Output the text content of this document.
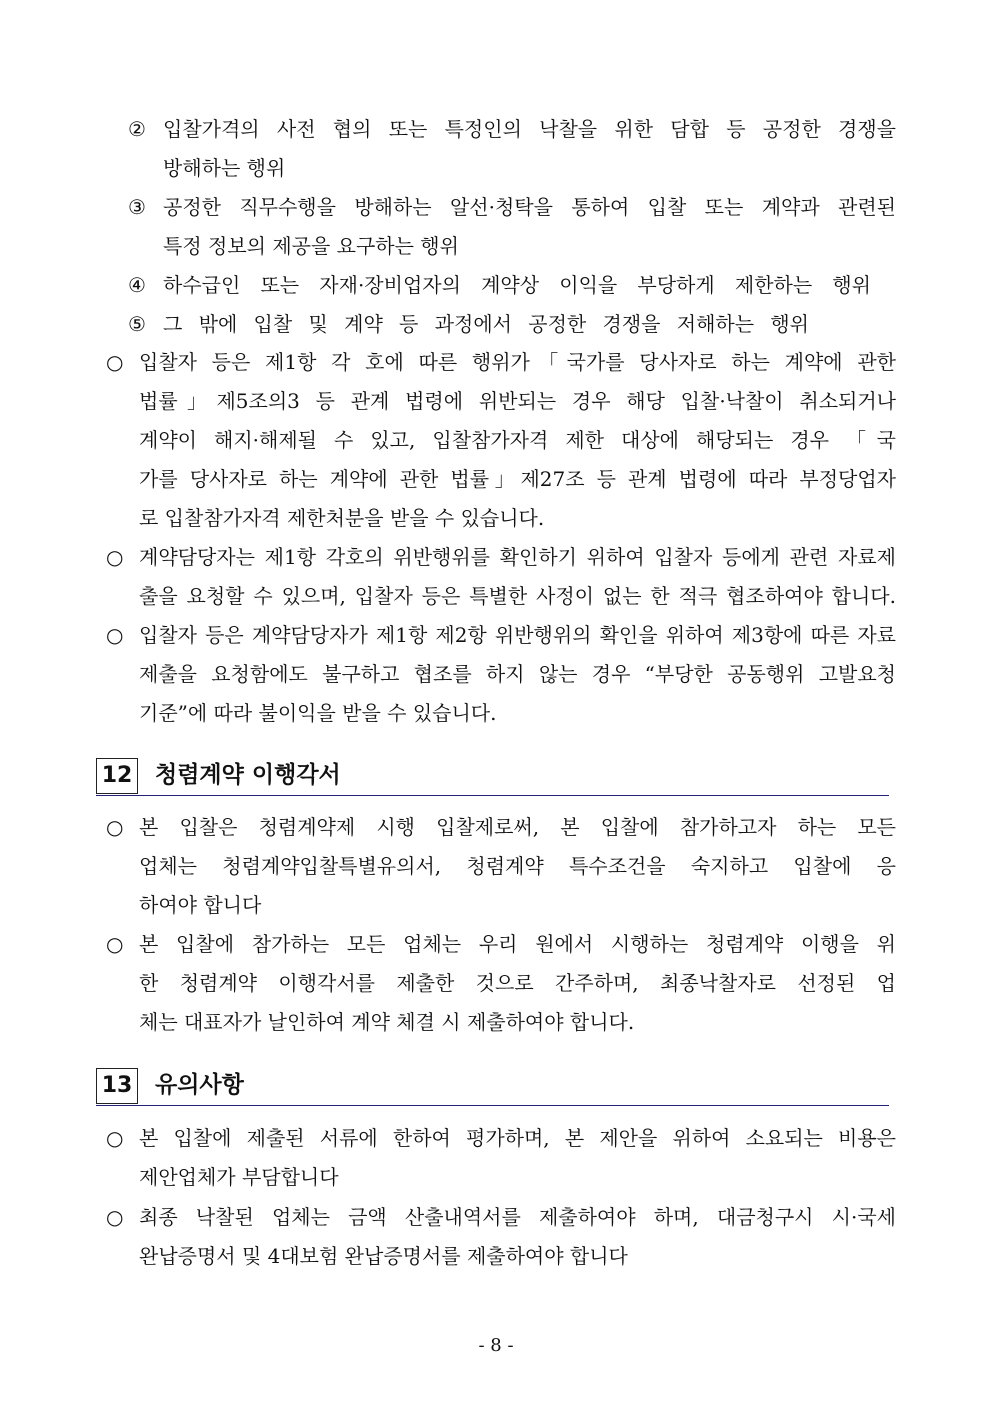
② 입찰가격의 사전 협의 또는 특정인의 낙찰을 위한 담합 등 공정한 경쟁을
방해하는 행위
③ 공정한 직무수행을 방해하는 알선·청탁을 통하여 입찰 또는 계약과 관련된
특정 정보의 제공을 요구하는 행위
④ 하수급인 또는 자재·장비업자의 계약상 이익을 부당하게 제한하는 행위
⑤ 그 밖에 입찰 및 계약 등 과정에서 공정한 경쟁을 저해하는 행위
○ 입찰자 등은 제1항 각 호에 따른 행위가「국가를 당사자로 하는 계약에 관한
법률」제5조의3 등 관계 법령에 위반되는 경우 해당 입찰·낙찰이 취소되거나
계약이 해지·해제될 수 있고, 입찰참가자격 제한 대상에 해당되는 경우 「국
가를 당사자로 하는 계약에 관한 법률」제27조 등 관계 법령에 따라 부정당업자
로 입찰참가자격 제한처분을 받을 수 있습니다.
○ 계약담당자는 제1항 각호의 위반행위를 확인하기 위하여 입찰자 등에게 관련 자료제
출을 요청할 수 있으며, 입찰자 등은 특별한 사정이 없는 한 적극 협조하여야 합니다.
○ 입찰자 등은 계약담당자가 제1항 제2항 위반행위의 확인을 위하여 제3항에 따른 자료
제출을 요청함에도 불구하고 협조를 하지 않는 경우 “부당한 공동행위 고발요청
기준”에 따라 불이익을 받을 수 있습니다.
12 청렴계약 이행각서
○ 본 입찰은 청렴계약제 시행 입찰제로써, 본 입찰에 참가하고자 하는 모든
업체는 청렴계약입찰특별유의서, 청렴계약 특수조건을 숙지하고 입찰에 응
하여야 합니다
○ 본 입찰에 참가하는 모든 업체는 우리 원에서 시행하는 청렴계약 이행을 위
한 청렴계약 이행각서를 제출한 것으로 간주하며, 최종낙찰자로 선정된 업
체는 대표자가 날인하여 계약 체결 시 제출하여야 합니다.
13 유의사항
○ 본 입찰에 제출된 서류에 한하여 평가하며, 본 제안을 위하여 소요되는 비용은
제안업체가 부담합니다
○ 최종 낙찰된 업체는 금액 산출내역서를 제출하여야 하며, 대금청구시 시·국세
완납증명서 및 4대보험 완납증명서를 제출하여야 합니다
- 8 -
